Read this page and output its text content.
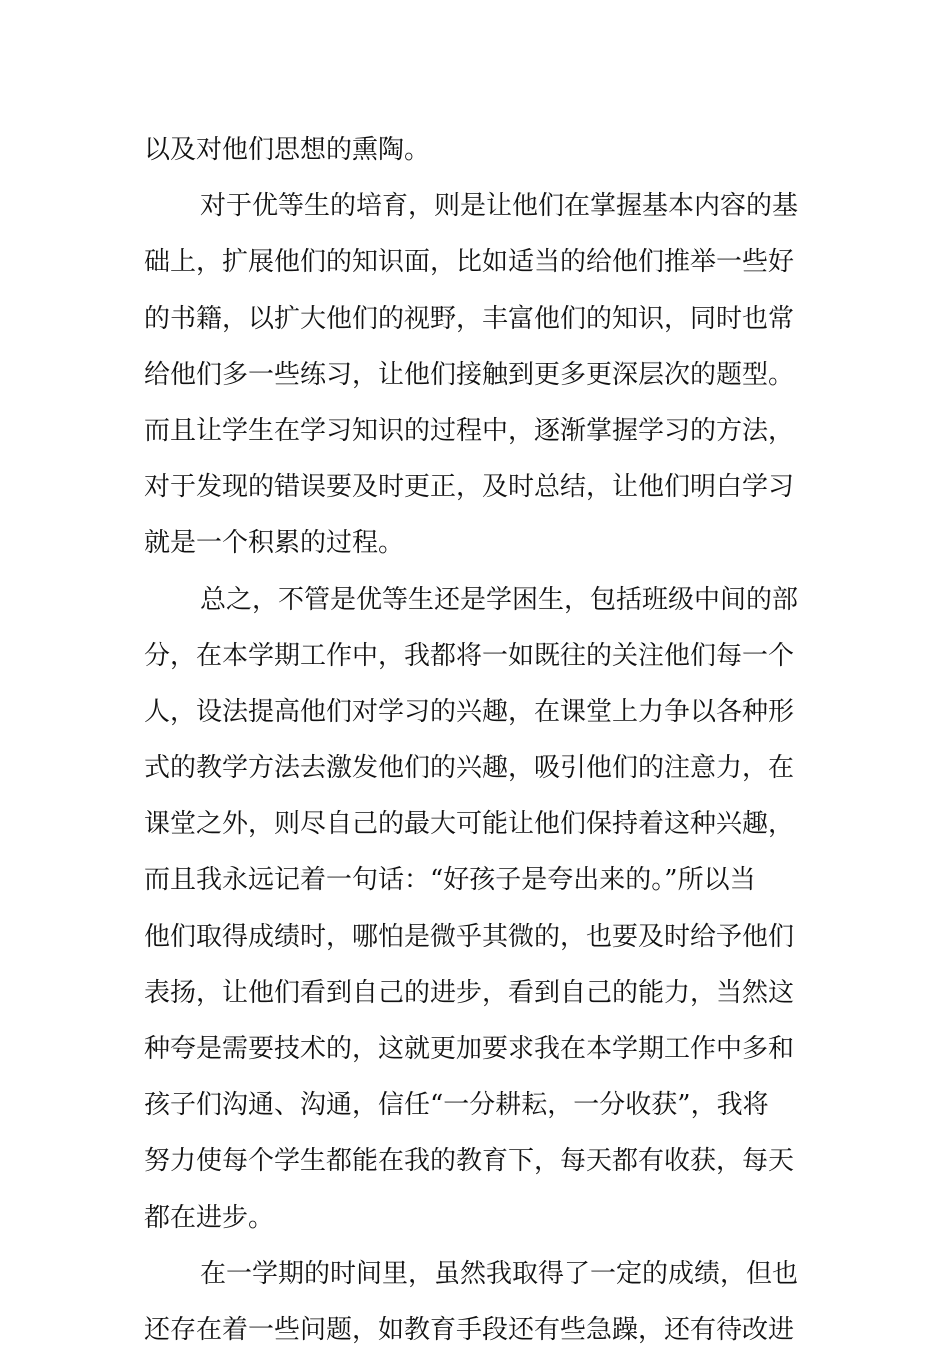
以及对他们思想的熏陶。
对于优等生的培育，则是让他们在掌握基本内容的基
础上，扩展他们的知识面，比如适当的给他们推举一些好
的书籍，以扩大他们的视野，丰富他们的知识，同时也常
给他们多一些练习，让他们接触到更多更深层次的题型。
而且让学生在学习知识的过程中，逐渐掌握学习的方法，
对于发现的错误要及时更正，及时总结，让他们明白学习
就是一个积累的过程。
总之，不管是优等生还是学困生，包括班级中间的部
分，在本学期工作中，我都将一如既往的关注他们每一个
人，设法提高他们对学习的兴趣，在课堂上力争以各种形
式的教学方法去激发他们的兴趣，吸引他们的注意力，在
课堂之外，则尽自己的最大可能让他们保持着这种兴趣，
而且我永远记着一句话：“好孩子是夸出来的。”所以当
他们取得成绩时，哪怕是微乎其微的，也要及时给予他们
表扬，让他们看到自己的进步，看到自己的能力，当然这
种夸是需要技术的，这就更加要求我在本学期工作中多和
孩子们沟通、沟通，信任“一分耕耘，一分收获”，我将
努力使每个学生都能在我的教育下，每天都有收获，每天
都在进步。
在一学期的时间里，虽然我取得了一定的成绩，但也
还存在着一些问题，如教育手段还有些急躁，还有待改进
